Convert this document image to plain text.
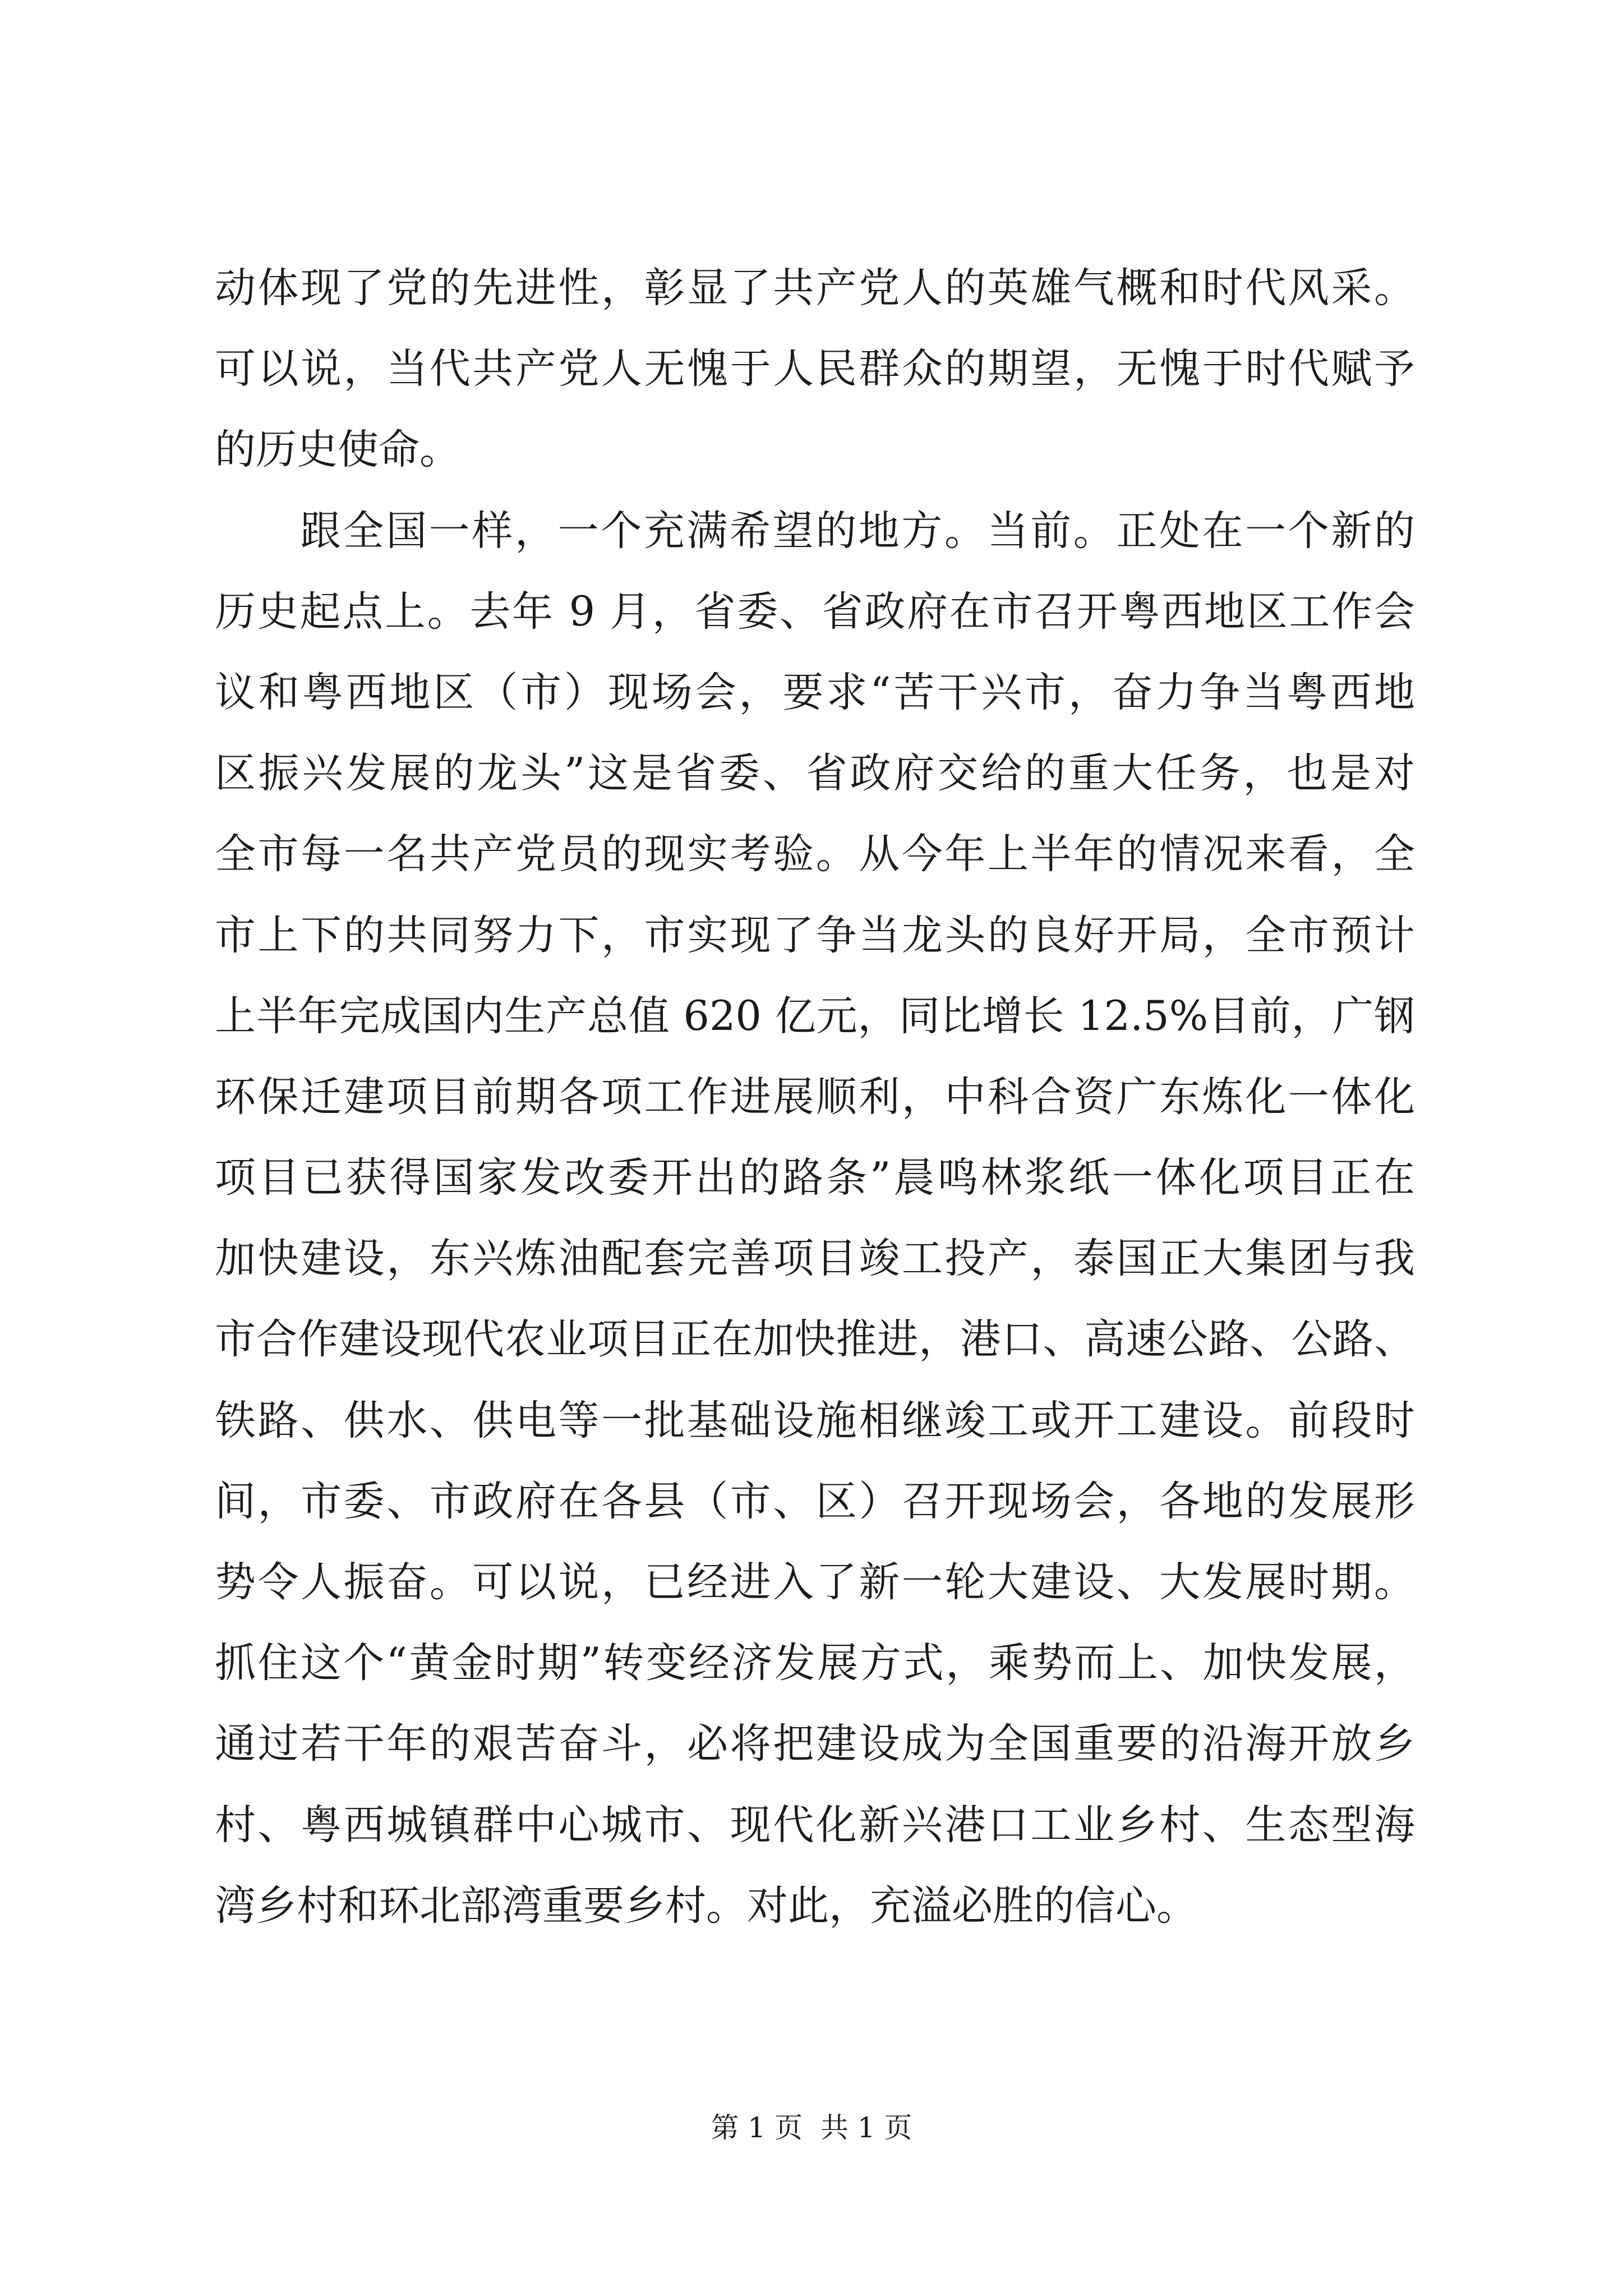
动体现了党的先进性，彰显了共产党人的英雄气概和时代风采。
可以说，当代共产党人无愧于人民群众的期望，无愧于时代赋予
的历史使命。
跟全国一样，一个充满希望的地方。当前。正处在一个新的
历史起点上。去年 9 月，省委、省政府在市召开粤西地区工作会
议和粤西地区（市）现场会，要求“苦干兴市，奋力争当粤西地
区振兴发展的龙头”这是省委、省政府交给的重大任务，也是对
全市每一名共产党员的现实考验。从今年上半年的情况来看，全
市上下的共同努力下，市实现了争当龙头的良好开局，全市预计
上半年完成国内生产总值 620 亿元，同比增长 12.5%目前，广钢
环保迁建项目前期各项工作进展顺利，中科合资广东炼化一体化
项目已获得国家发改委开出的路条”晨鸣林浆纸一体化项目正在
加快建设，东兴炼油配套完善项目竣工投产，泰国正大集团与我
市合作建设现代农业项目正在加快推进，港口、高速公路、公路、
铁路、供水、供电等一批基础设施相继竣工或开工建设。前段时
间，市委、市政府在各县（市、区）召开现场会，各地的发展形
势令人振奋。可以说，已经进入了新一轮大建设、大发展时期。
抓住这个“黄金时期”转变经济发展方式，乘势而上、加快发展，
通过若干年的艰苦奋斗，必将把建设成为全国重要的沿海开放乡
村、粤西城镇群中心城市、现代化新兴港口工业乡村、生态型海
湾乡村和环北部湾重要乡村。对此，充溢必胜的信心。
第 1 页  共 1 页
